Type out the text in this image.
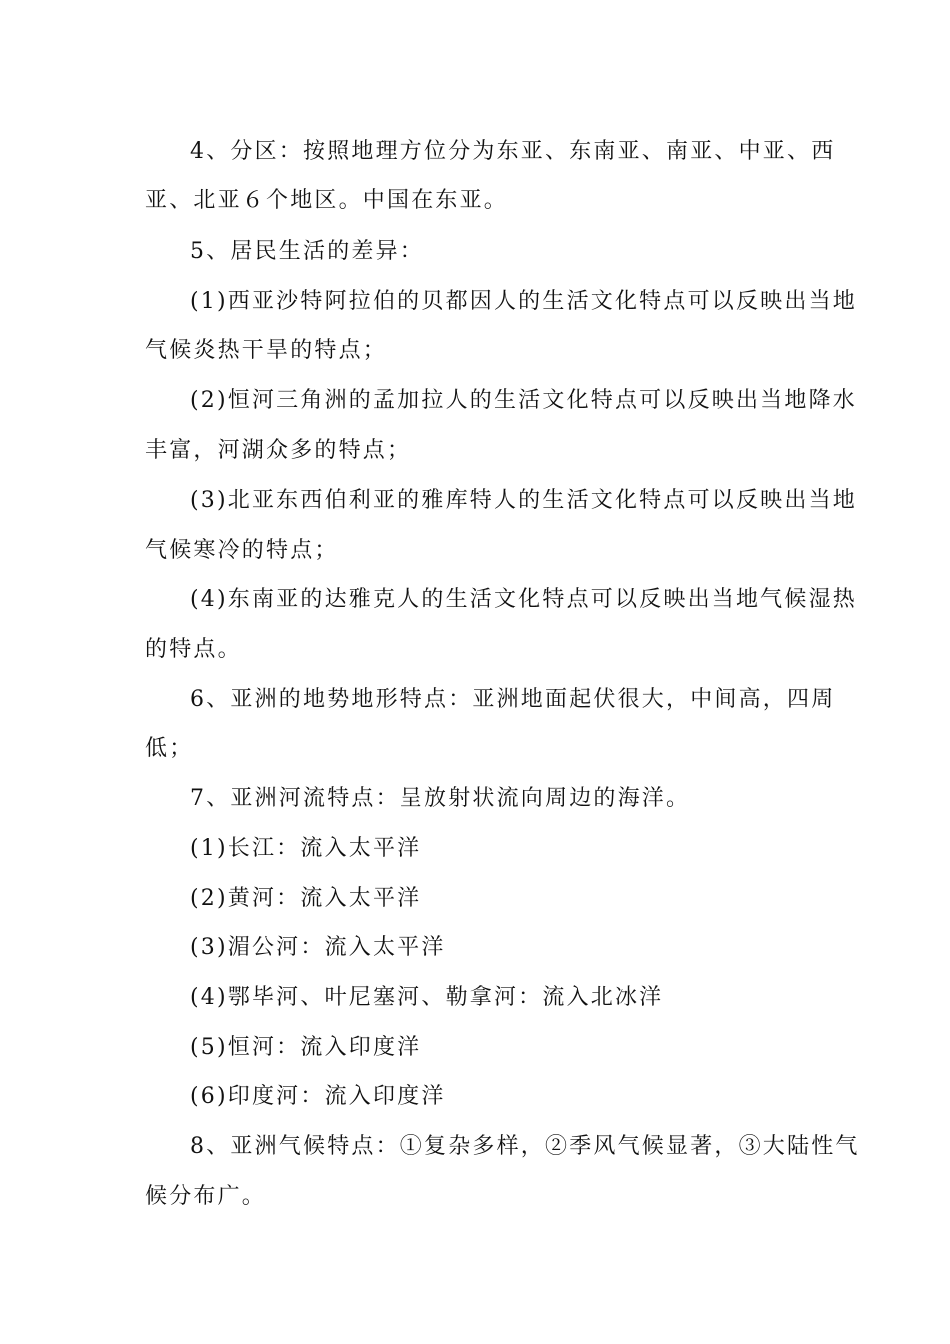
4、分区：按照地理方位分为东亚、东南亚、南亚、中亚、西
亚、北亚６个地区。中国在东亚。
5、居民生活的差异：
(1)西亚沙特阿拉伯的贝都因人的生活文化特点可以反映出当地
气候炎热干旱的特点；
(2)恒河三角洲的孟加拉人的生活文化特点可以反映出当地降水
丰富，河湖众多的特点；
(3)北亚东西伯利亚的雅库特人的生活文化特点可以反映出当地
气候寒冷的特点；
(4)东南亚的达雅克人的生活文化特点可以反映出当地气候湿热
的特点。
6、亚洲的地势地形特点：亚洲地面起伏很大，中间高，四周
低；
7、亚洲河流特点：呈放射状流向周边的海洋。
(1)长江：流入太平洋
(2)黄河：流入太平洋
(3)湄公河：流入太平洋
(4)鄂毕河、叶尼塞河、勒拿河：流入北冰洋
(5)恒河：流入印度洋
(6)印度河：流入印度洋
8、亚洲气候特点：①复杂多样，②季风气候显著，③大陆性气
候分布广。
